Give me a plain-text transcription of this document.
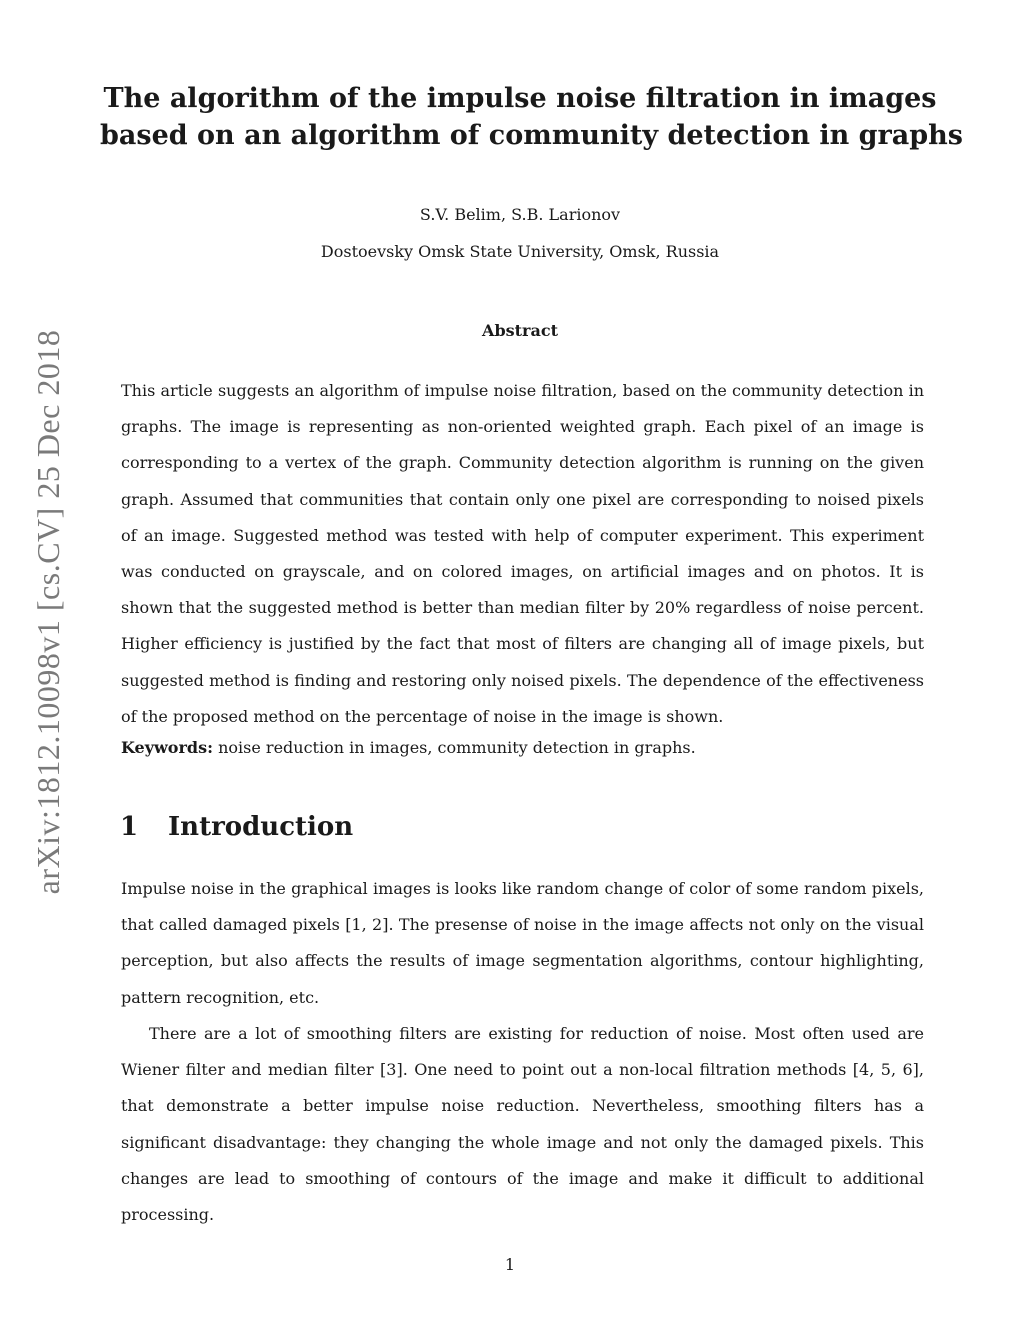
arXiv:1812.10098v1 [cs.CV] 25 Dec 2018
The algorithm of the impulse noise filtration in images
based on an algorithm of community detection in graphs
S.V. Belim, S.B. Larionov
Dostoevsky Omsk State University, Omsk, Russia
Abstract
This article suggests an algorithm of impulse noise filtration, based on the community detection in graphs. The image is representing as non-oriented weighted graph. Each pixel of an image is corresponding to a vertex of the graph. Community detection algorithm is running on the given graph. Assumed that communities that contain only one pixel are corresponding to noised pixels of an image. Suggested method was tested with help of computer experiment. This experiment was conducted on grayscale, and on colored images, on artificial images and on photos. It is shown that the suggested method is better than median filter by 20% regardless of noise percent. Higher efficiency is justified by the fact that most of filters are changing all of image pixels, but suggested method is finding and restoring only noised pixels. The dependence of the effectiveness of the proposed method on the percentage of noise in the image is shown.
Keywords: noise reduction in images, community detection in graphs.
1 Introduction
Impulse noise in the graphical images is looks like random change of color of some random pixels, that called damaged pixels [1, 2]. The presense of noise in the image affects not only on the visual perception, but also affects the results of image segmentation algorithms, contour highlighting, pattern recognition, etc.
There are a lot of smoothing filters are existing for reduction of noise. Most often used are Wiener filter and median filter [3]. One need to point out a non-local filtration methods [4, 5, 6], that demonstrate a better impulse noise reduction. Nevertheless, smoothing filters has a significant disadvantage: they changing the whole image and not only the damaged pixels. This changes are lead to smoothing of contours of the image and make it difficult to additional processing.
1
